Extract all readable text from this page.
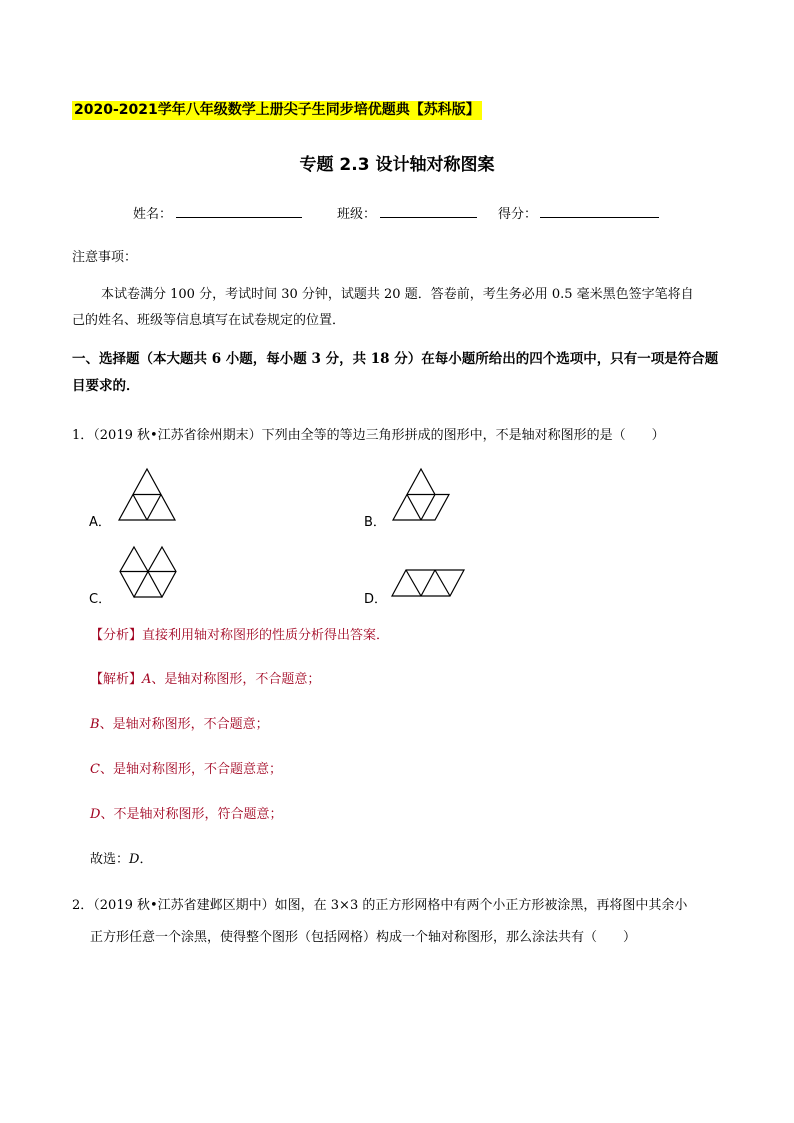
2020-2021学年八年级数学上册尖子生同步培优题典【苏科版】
专题 2.3 设计轴对称图案
姓名：	班级：	得分：
注意事项：
本试卷满分 100 分，考试时间 30 分钟，试题共 20 题．答卷前，考生务必用 0.5 毫米黑色签字笔将自
己的姓名、班级等信息填写在试卷规定的位置．
一、选择题（本大题共 6 小题，每小题 3 分，共 18 分）在每小题所给出的四个选项中，只有一项是符合题
目要求的．
1．（2019 秋•江苏省徐州期末）下列由全等的等边三角形拼成的图形中，不是轴对称图形的是（　　）
A．	B．
C．	D．
【分析】直接利用轴对称图形的性质分析得出答案．
【解析】A、是轴对称图形，不合题意；
B、是轴对称图形，不合题意；
C、是轴对称图形，不合题意意；
D、不是轴对称图形，符合题意；
故选：D．
2．（2019 秋•江苏省建邺区期中）如图，在 3×3 的正方形网格中有两个小正方形被涂黑，再将图中其余小
正方形任意一个涂黑，使得整个图形（包括网格）构成一个轴对称图形，那么涂法共有（　　）
